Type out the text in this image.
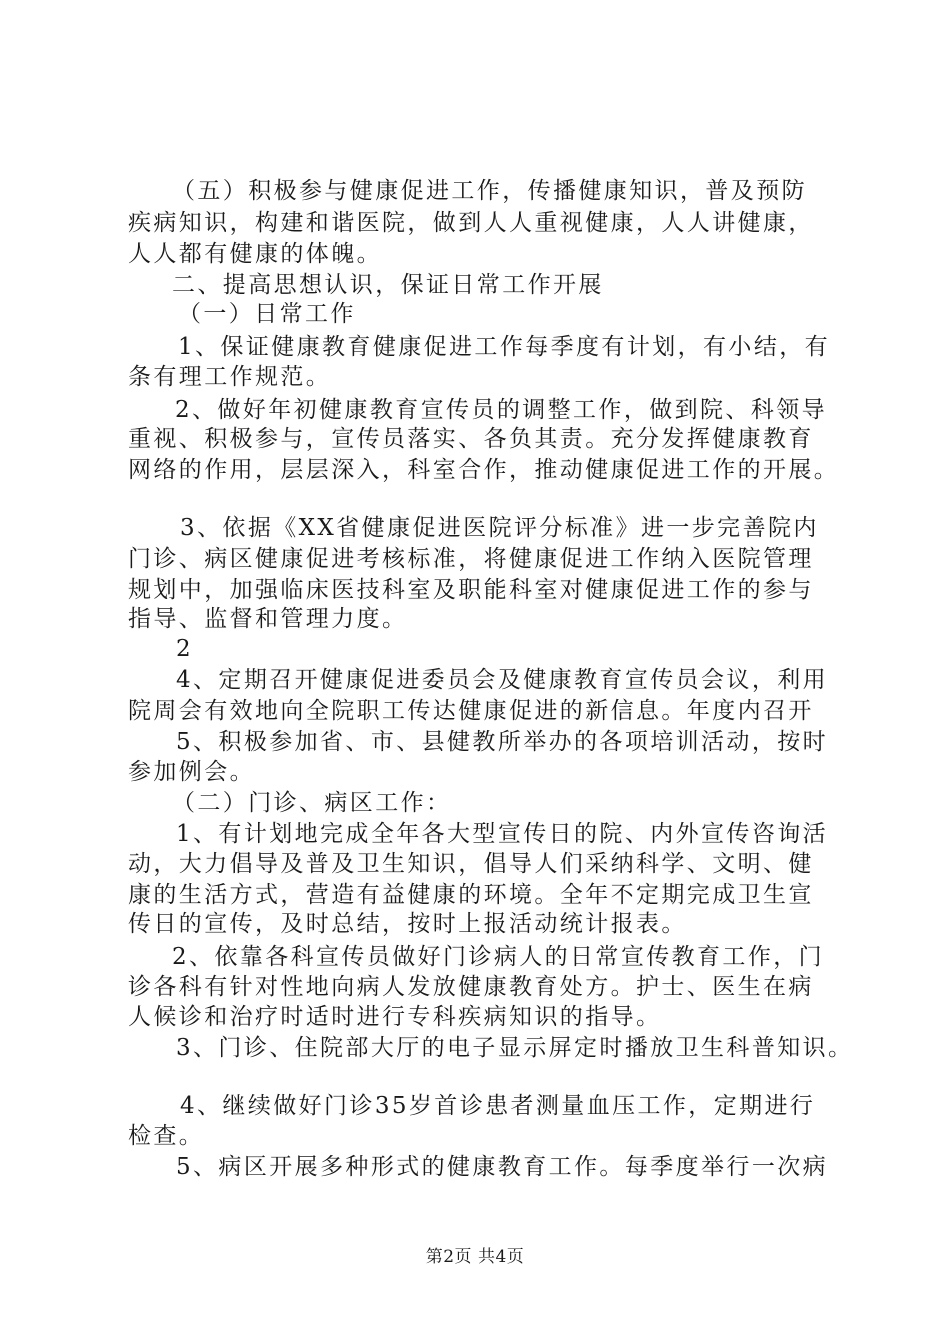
（五）积极参与健康促进工作，传播健康知识，普及预防
疾病知识，构建和谐医院，做到人人重视健康，人人讲健康，
人人都有健康的体魄。
二、提高思想认识，保证日常工作开展
（一）日常工作
1、保证健康教育健康促进工作每季度有计划，有小结，有
条有理工作规范。
2、做好年初健康教育宣传员的调整工作，做到院、科领导
重视、积极参与，宣传员落实、各负其责。充分发挥健康教育
网络的作用，层层深入，科室合作，推动健康促进工作的开展。
3、依据《XX省健康促进医院评分标准》进一步完善院内
门诊、病区健康促进考核标准，将健康促进工作纳入医院管理
规划中，加强临床医技科室及职能科室对健康促进工作的参与
指导、监督和管理力度。
2
4、定期召开健康促进委员会及健康教育宣传员会议，利用
院周会有效地向全院职工传达健康促进的新信息。年度内召开
5、积极参加省、市、县健教所举办的各项培训活动，按时
参加例会。
（二）门诊、病区工作：
1、有计划地完成全年各大型宣传日的院、内外宣传咨询活
动，大力倡导及普及卫生知识，倡导人们采纳科学、文明、健
康的生活方式，营造有益健康的环境。全年不定期完成卫生宣
传日的宣传，及时总结，按时上报活动统计报表。
2、依靠各科宣传员做好门诊病人的日常宣传教育工作，门
诊各科有针对性地向病人发放健康教育处方。护士、医生在病
人候诊和治疗时适时进行专科疾病知识的指导。
3、门诊、住院部大厅的电子显示屏定时播放卫生科普知识。
4、继续做好门诊35岁首诊患者测量血压工作，定期进行
检查。
5、病区开展多种形式的健康教育工作。每季度举行一次病
第2页 共4页
